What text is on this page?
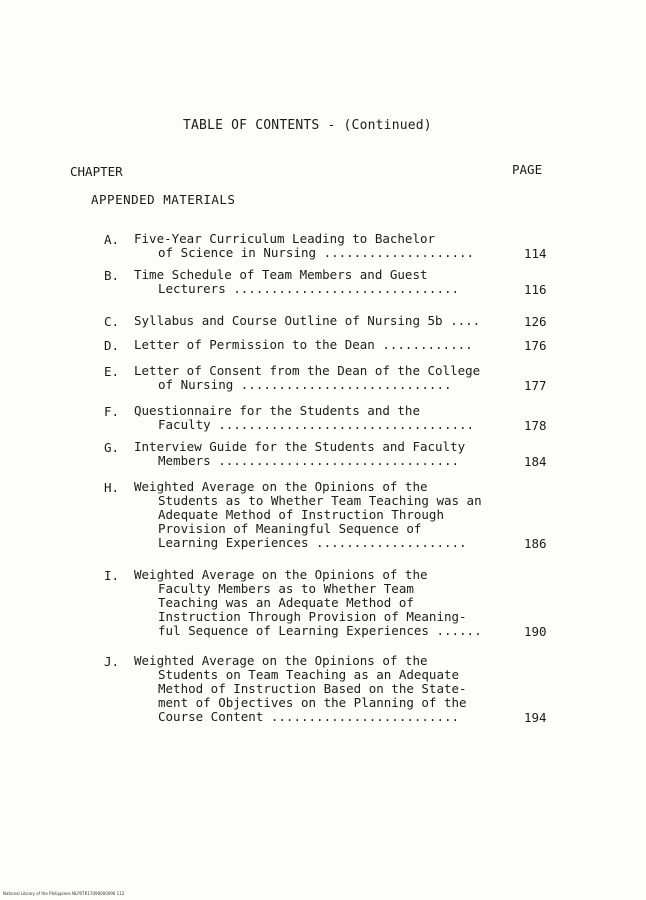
TABLE OF CONTENTS - (Continued)
CHAPTER	PAGE
APPENDED MATERIALS
A. Five-Year Curriculum Leading to Bachelor
of Science in Nursing ....................	114
B. Time Schedule of Team Members and Guest
Lecturers ..............................	116
C. Syllabus and Course Outline of Nursing 5b ....	126
D. Letter of Permission to the Dean ............	176
E. Letter of Consent from the Dean of the College
of Nursing ............................	177
F. Questionnaire for the Students and the
Faculty ..................................	178
G. Interview Guide for the Students and Faculty
Members ................................	184
H. Weighted Average on the Opinions of the
Students as to Whether Team Teaching was an
Adequate Method of Instruction Through
Provision of Meaningful Sequence of
Learning Experiences ....................	186
I. Weighted Average on the Opinions of the
Faculty Members as to Whether Team
Teaching was an Adequate Method of
Instruction Through Provision of Meaning-
ful Sequence of Learning Experiences ......	190
J. Weighted Average on the Opinions of the
Students on Team Teaching as an Adequate
Method of Instruction Based on the State-
ment of Objectives on the Planning of the
Course Content .........................	194
National Library of the Philippines NLP0TR17090000096 112
